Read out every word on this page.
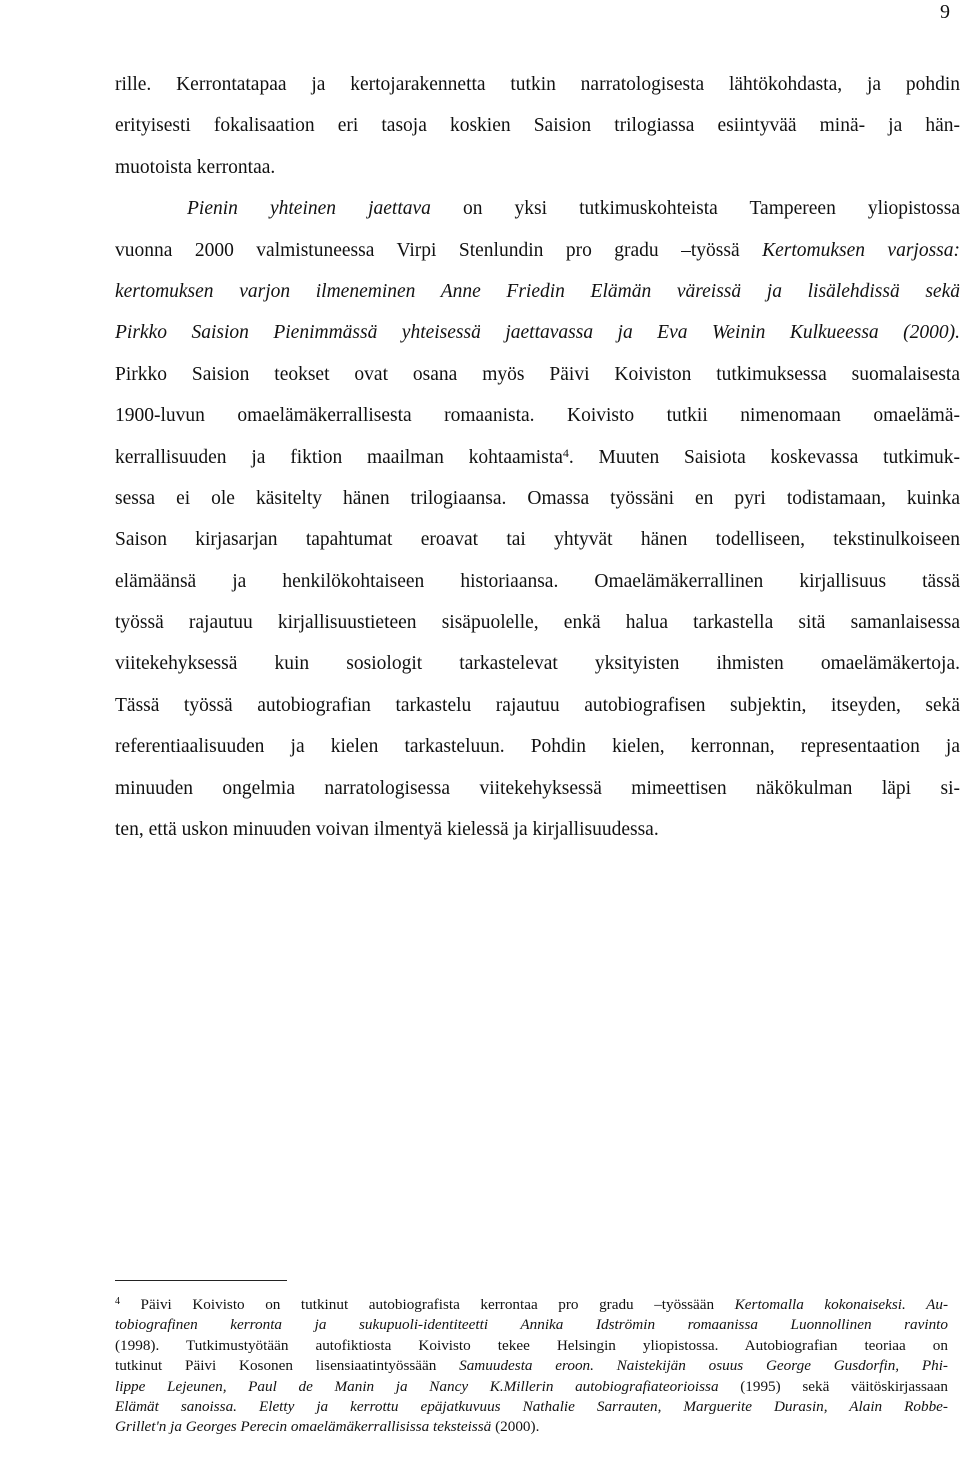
9
rille. Kerrontatapaa ja kertojarakennetta tutkin narratologisesta lähtökohdasta, ja pohdin
erityisesti fokalisaation eri tasoja koskien Saision trilogiassa esiintyvää minä- ja hän-
muotoista kerrontaa.
Pienin yhteinen jaettava on yksi tutkimuskohteista Tampereen yliopistossa
vuonna 2000 valmistuneessa Virpi Stenlundin pro gradu –työssä Kertomuksen varjossa:
kertomuksen varjon ilmeneminen Anne Friedin Elämän väreissä ja lisälehdissä sekä
Pirkko Saision Pienimmässä yhteisessä jaettavassa ja Eva Weinin Kulkueessa (2000).
Pirkko Saision teokset ovat osana myös Päivi Koiviston tutkimuksessa suomalaisesta
1900-luvun omaelämäkerrallisesta romaanista. Koivisto tutkii nimenomaan omaelämä-
kerrallisuuden ja fiktion maailman kohtaamista$^4$. Muuten Saisiota koskevassa tutkimuk-
sessa ei ole käsitelty hänen trilogiaansa. Omassa työssäni en pyri todistamaan, kuinka
Saison kirjasarjan tapahtumat eroavat tai yhtyvät hänen todelliseen, tekstinulkoiseen
elämäänsä ja henkilökohtaiseen historiaansa. Omaelämäkerrallinen kirjallisuus tässä
työssä rajautuu kirjallisuustieteen sisäpuolelle, enkä halua tarkastella sitä samanlaisessa
viitekehyksessä kuin sosiologit tarkastelevat yksityisten ihmisten omaelämäkertoja.
Tässä työssä autobiografian tarkastelu rajautuu autobiografisen subjektin, itseyden, sekä
referentiaalisuuden ja kielen tarkasteluun. Pohdin kielen, kerronnan, representaation ja
minuuden ongelmia narratologisessa viitekehyksessä mimeettisen näkökulman läpi si-
ten, että uskon minuuden voivan ilmentyä kielessä ja kirjallisuudessa.
$^4$ Päivi Koivisto on tutkinut autobiografista kerrontaa pro gradu –työssään Kertomalla kokonaiseksi. Au-
tobiografinen kerronta ja sukupuoli-identiteetti Annika Idströmin romaanissa Luonnollinen ravinto
(1998). Tutkimustyötään autofiktiosta Koivisto tekee Helsingin yliopistossa. Autobiografian teoriaa on
tutkinut Päivi Kosonen lisensiaatintyössään Samuudesta eroon. Naistekijän osuus George Gusdorfin, Phi-
lippe Lejeunen, Paul de Manin ja Nancy K.Millerin autobiografiateorioissa (1995) sekä väitöskirjassaan
Elämät sanoissa. Eletty ja kerrottu epäjatkuvuus Nathalie Sarrauten, Marguerite Durasin, Alain Robbe-
Grillet'n ja Georges Perecin omaelämäkerrallisissa teksteissä (2000).
